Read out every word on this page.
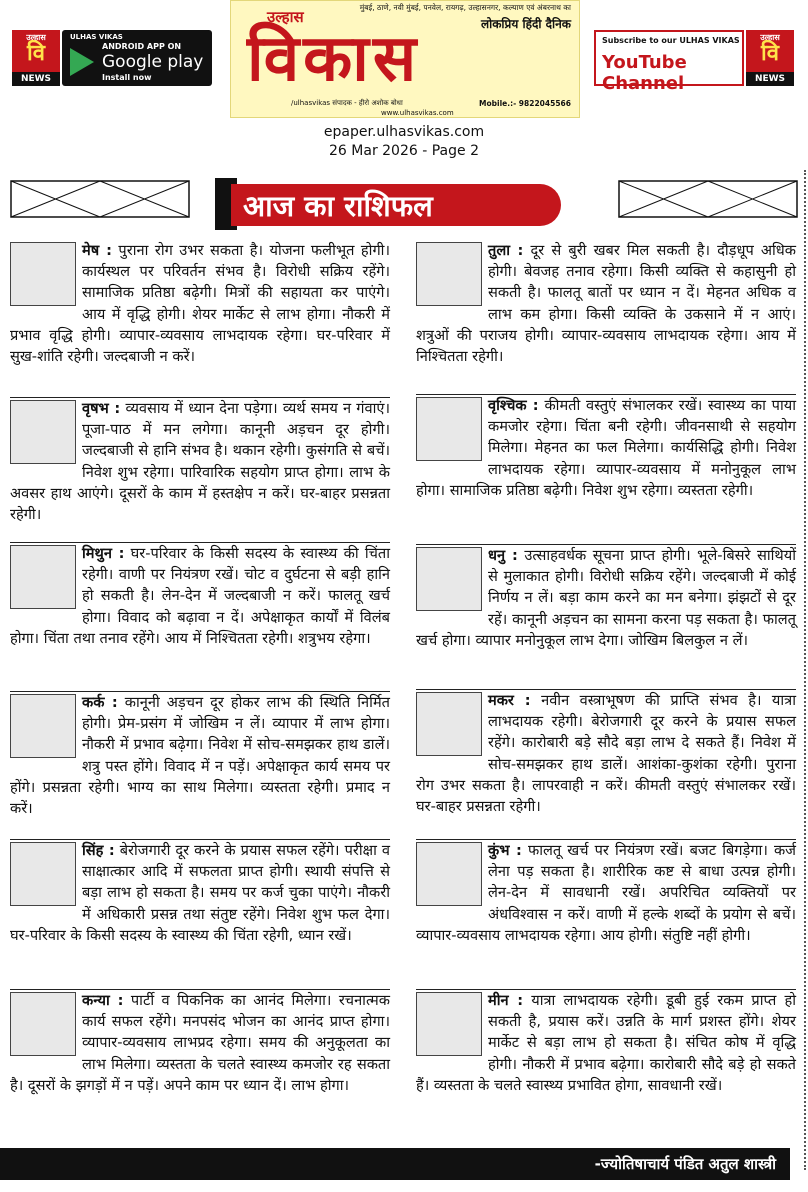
उल्हास
वि
NEWS
ULHAS VIKAS
ANDROID APP ON
Google play
Install now
मुंबई, ठाणे, नवी मुंबई, पनवेल, रायगढ़, उल्हासनगर, कल्याण एवं अंबरनाथ का
लोकप्रिय हिंदी दैनिक
उल्हास
विकास
/ulhasvikas संपादक - हीरो अशोक बोधा	Mobile.:- 9822045566
www.ulhasvikas.com
Subscribe to our ULHAS VIKAS
YouTube Channel
उल्हास
वि
NEWS
epaper.ulhasvikas.com
26 Mar 2026 - Page 2
आज का राशिफल
मेष : पुराना रोग उभर सकता है। योजना फलीभूत होगी। कार्यस्थल पर परिवर्तन संभव है। विरोधी सक्रिय रहेंगे। सामाजिक प्रतिष्ठा बढ़ेगी। मित्रों की सहायता कर पाएंगे। आय में वृद्धि होगी। शेयर मार्केट से लाभ होगा। नौकरी में प्रभाव वृद्धि होगी। व्यापार-व्यवसाय लाभदायक रहेगा। घर-परिवार में सुख-शांति रहेगी। जल्दबाजी न करें।
वृषभ : व्यवसाय में ध्यान देना पड़ेगा। व्यर्थ समय न गंवाएं। पूजा-पाठ में मन लगेगा। कानूनी अड़चन दूर होगी। जल्दबाजी से हानि संभव है। थकान रहेगी। कुसंगति से बचें। निवेश शुभ रहेगा। पारिवारिक सहयोग प्राप्त होगा। लाभ के अवसर हाथ आएंगे। दूसरों के काम में हस्तक्षेप न करें। घर-बाहर प्रसन्नता रहेगी।
मिथुन : घर-परिवार के किसी सदस्य के स्वास्थ्य की चिंता रहेगी। वाणी पर नियंत्रण रखें। चोट व दुर्घटना से बड़ी हानि हो सकती है। लेन-देन में जल्दबाजी न करें। फालतू खर्च होगा। विवाद को बढ़ावा न दें। अपेक्षाकृत कार्यों में विलंब होगा। चिंता तथा तनाव रहेंगे। आय में निश्चितता रहेगी। शत्रुभय रहेगा।
कर्क : कानूनी अड़चन दूर होकर लाभ की स्थिति निर्मित होगी। प्रेम-प्रसंग में जोखिम न लें। व्यापार में लाभ होगा। नौकरी में प्रभाव बढ़ेगा। निवेश में सोच-समझकर हाथ डालें। शत्रु पस्त होंगे। विवाद में न पड़ें। अपेक्षाकृत कार्य समय पर होंगे। प्रसन्नता रहेगी। भाग्य का साथ मिलेगा। व्यस्तता रहेगी। प्रमाद न करें।
सिंह : बेरोजगारी दूर करने के प्रयास सफल रहेंगे। परीक्षा व साक्षात्कार आदि में सफलता प्राप्त होगी। स्थायी संपत्ति से बड़ा लाभ हो सकता है। समय पर कर्ज चुका पाएंगे। नौकरी में अधिकारी प्रसन्न तथा संतुष्ट रहेंगे। निवेश शुभ फल देगा। घर-परिवार के किसी सदस्य के स्वास्थ्य की चिंता रहेगी, ध्यान रखें।
कन्या : पार्टी व पिकनिक का आनंद मिलेगा। रचनात्मक कार्य सफल रहेंगे। मनपसंद भोजन का आनंद प्राप्त होगा। व्यापार-व्यवसाय लाभप्रद रहेगा। समय की अनुकूलता का लाभ मिलेगा। व्यस्तता के चलते स्वास्थ्य कमजोर रह सकता है। दूसरों के झगड़ों में न पड़ें। अपने काम पर ध्यान दें। लाभ होगा।
तुला : दूर से बुरी खबर मिल सकती है। दौड़धूप अधिक होगी। बेवजह तनाव रहेगा। किसी व्यक्ति से कहासुनी हो सकती है। फालतू बातों पर ध्यान न दें। मेहनत अधिक व लाभ कम होगा। किसी व्यक्ति के उकसाने में न आएं। शत्रुओं की पराजय होगी। व्यापार-व्यवसाय लाभदायक रहेगा। आय में निश्चितता रहेगी।
वृश्चिक : कीमती वस्तुएं संभालकर रखें। स्वास्थ्य का पाया कमजोर रहेगा। चिंता बनी रहेगी। जीवनसाथी से सहयोग मिलेगा। मेहनत का फल मिलेगा। कार्यसिद्धि होगी। निवेश लाभदायक रहेगा। व्यापार-व्यवसाय में मनोनुकूल लाभ होगा। सामाजिक प्रतिष्ठा बढ़ेगी। निवेश शुभ रहेगा। व्यस्तता रहेगी।
धनु : उत्साहवर्धक सूचना प्राप्त होगी। भूले-बिसरे साथियों से मुलाकात होगी। विरोधी सक्रिय रहेंगे। जल्दबाजी में कोई निर्णय न लें। बड़ा काम करने का मन बनेगा। झंझटों से दूर रहें। कानूनी अड़चन का सामना करना पड़ सकता है। फालतू खर्च होगा। व्यापार मनोनुकूल लाभ देगा। जोखिम बिलकुल न लें।
मकर : नवीन वस्त्राभूषण की प्राप्ति संभव है। यात्रा लाभदायक रहेगी। बेरोजगारी दूर करने के प्रयास सफल रहेंगे। कारोबारी बड़े सौदे बड़ा लाभ दे सकते हैं। निवेश में सोच-समझकर हाथ डालें। आशंका-कुशंका रहेगी। पुराना रोग उभर सकता है। लापरवाही न करें। कीमती वस्तुएं संभालकर रखें। घर-बाहर प्रसन्नता रहेगी।
कुंभ : फालतू खर्च पर नियंत्रण रखें। बजट बिगड़ेगा। कर्ज लेना पड़ सकता है। शारीरिक कष्ट से बाधा उत्पन्न होगी। लेन-देन में सावधानी रखें। अपरिचित व्यक्तियों पर अंधविश्वास न करें। वाणी में हल्के शब्दों के प्रयोग से बचें। व्यापार-व्यवसाय लाभदायक रहेगा। आय होगी। संतुष्टि नहीं होगी।
मीन : यात्रा लाभदायक रहेगी। डूबी हुई रकम प्राप्त हो सकती है, प्रयास करें। उन्नति के मार्ग प्रशस्त होंगे। शेयर मार्केट से बड़ा लाभ हो सकता है। संचित कोष में वृद्धि होगी। नौकरी में प्रभाव बढ़ेगा। कारोबारी सौदे बड़े हो सकते हैं। व्यस्तता के चलते स्वास्थ्य प्रभावित होगा, सावधानी रखें।
-ज्योतिषाचार्य पंडित अतुल शास्त्री
